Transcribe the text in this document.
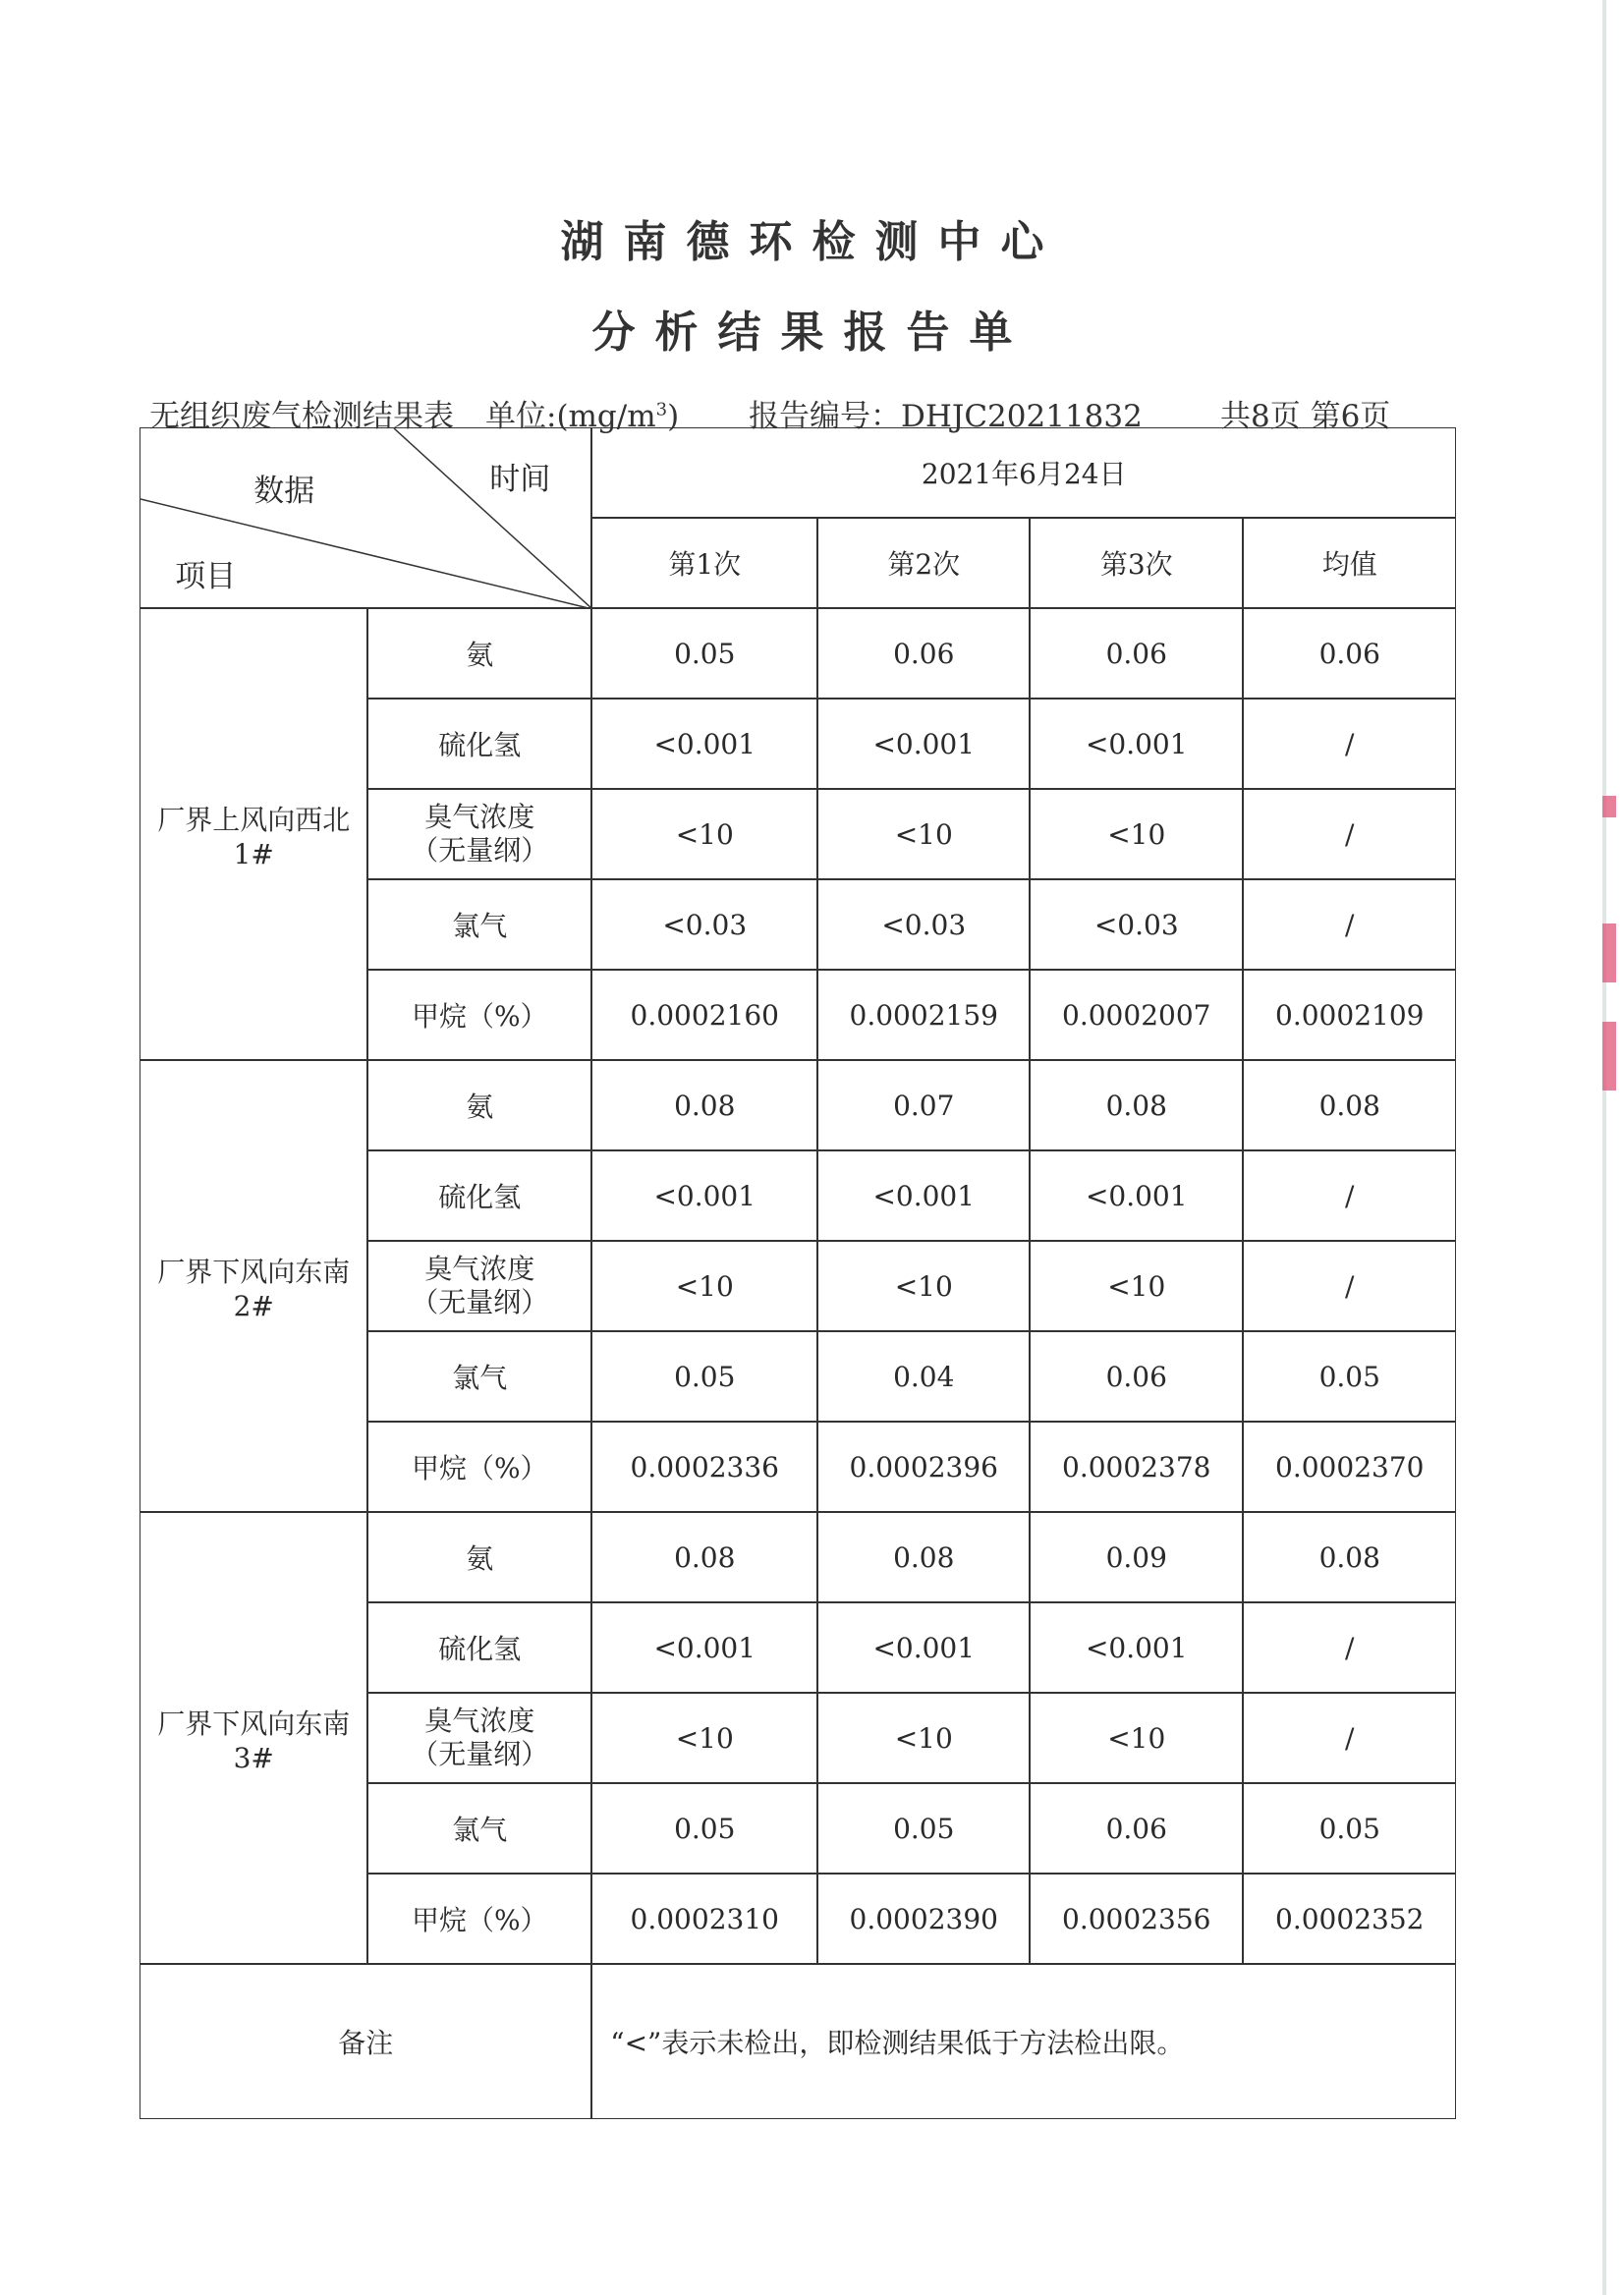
湖南德环检测中心
分析结果报告单
无组织废气检测结果表 单位$:(mg/m^3)$ 报告编号：DHJC20211832	共8页 第6页
数据	时间
项目
2021年6月24日
第1次	第2次	第3次	均值
厂界上风向西北1#
氨	0.05	0.06	0.06	0.06
硫化氢	<0.001	<0.001	<0.001	/
臭气浓度
（无量纲）	<10	<10	<10	/
氯气	<0.03	<0.03	<0.03	/
甲烷（%）	0.0002160	0.0002159	0.0002007	0.0002109
厂界下风向东南2#
氨	0.08	0.07	0.08	0.08
硫化氢	<0.001	<0.001	<0.001	/
臭气浓度
（无量纲）	<10	<10	<10	/
氯气	0.05	0.04	0.06	0.05
甲烷（%）	0.0002336	0.0002396	0.0002378	0.0002370
厂界下风向东南3#
氨	0.08	0.08	0.09	0.08
硫化氢	<0.001	<0.001	<0.001	/
臭气浓度
（无量纲）	<10	<10	<10	/
氯气	0.05	0.05	0.06	0.05
甲烷（%）	0.0002310	0.0002390	0.0002356	0.0002352
备注	“<”表示未检出，即检测结果低于方法检出限。
